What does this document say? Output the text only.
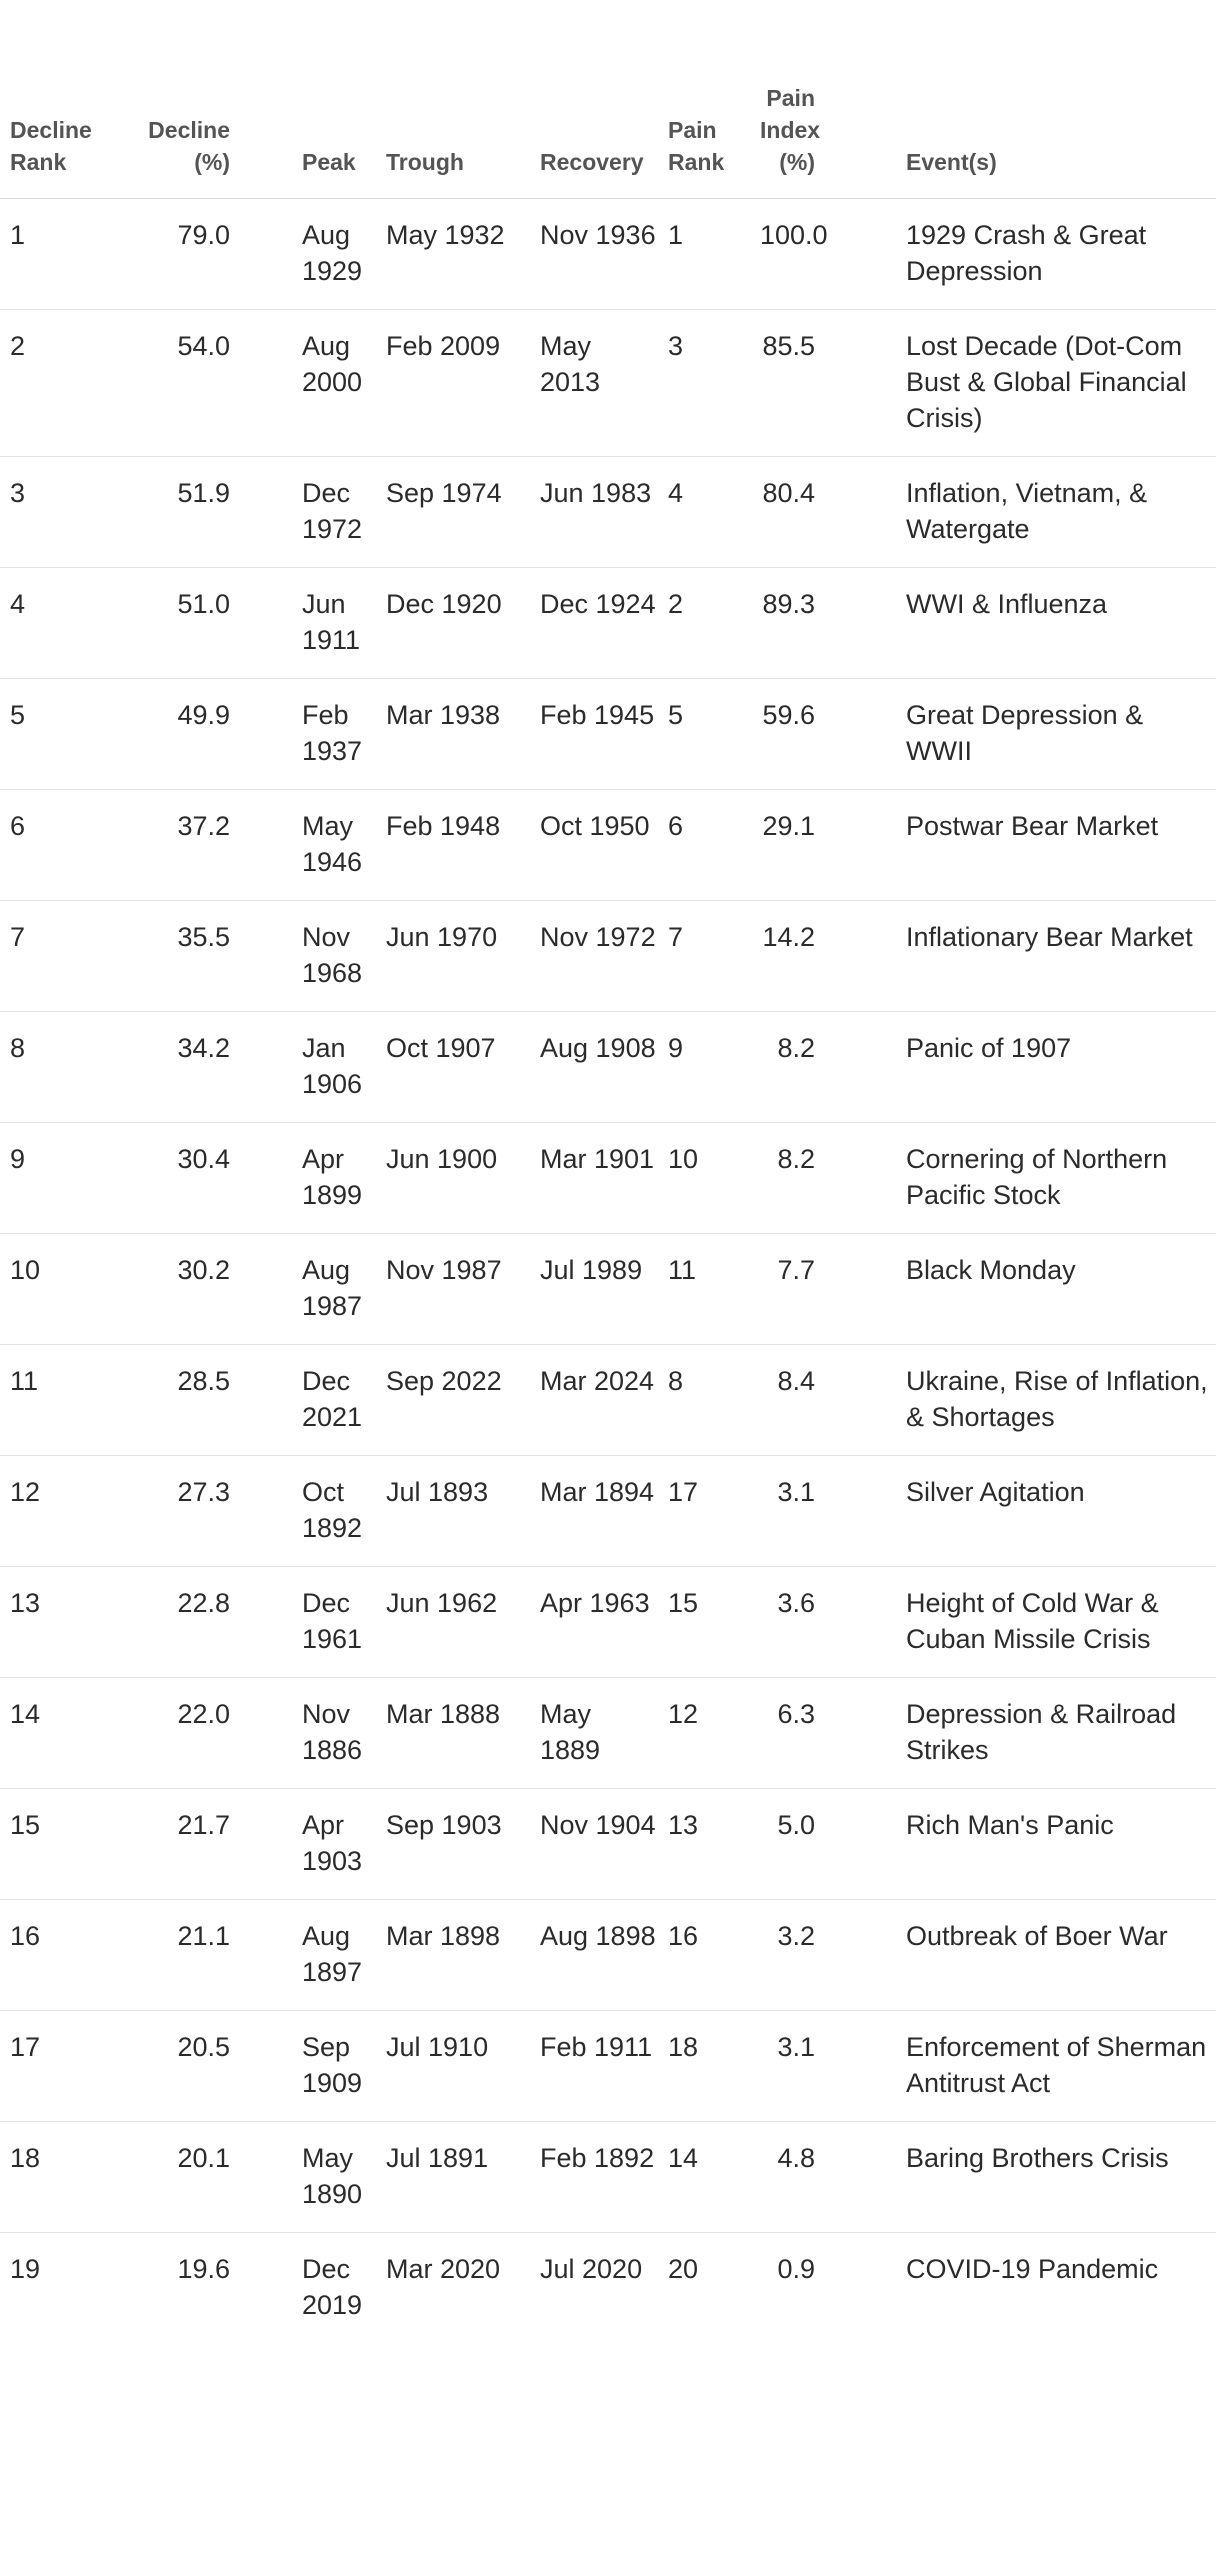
Decline Rank	Decline (%)		Peak	Trough	Recovery	Pain Rank	Pain Index (%)		Event(s)
1	79.0		Aug 1929	May 1932	Nov 1936	1	100.0		1929 Crash & Great Depression
2	54.0		Aug 2000	Feb 2009	May 2013	3	85.5		Lost Decade (Dot-Com Bust & Global Financial Crisis)
3	51.9		Dec 1972	Sep 1974	Jun 1983	4	80.4		Inflation, Vietnam, & Watergate
4	51.0		Jun 1911	Dec 1920	Dec 1924	2	89.3		WWI & Influenza
5	49.9		Feb 1937	Mar 1938	Feb 1945	5	59.6		Great Depression & WWII
6	37.2		May 1946	Feb 1948	Oct 1950	6	29.1		Postwar Bear Market
7	35.5		Nov 1968	Jun 1970	Nov 1972	7	14.2		Inflationary Bear Market
8	34.2		Jan 1906	Oct 1907	Aug 1908	9	8.2		Panic of 1907
9	30.4		Apr 1899	Jun 1900	Mar 1901	10	8.2		Cornering of Northern Pacific Stock
10	30.2		Aug 1987	Nov 1987	Jul 1989	11	7.7		Black Monday
11	28.5		Dec 2021	Sep 2022	Mar 2024	8	8.4		Ukraine, Rise of Inflation, & Shortages
12	27.3		Oct 1892	Jul 1893	Mar 1894	17	3.1		Silver Agitation
13	22.8		Dec 1961	Jun 1962	Apr 1963	15	3.6		Height of Cold War & Cuban Missile Crisis
14	22.0		Nov 1886	Mar 1888	May 1889	12	6.3		Depression & Railroad Strikes
15	21.7		Apr 1903	Sep 1903	Nov 1904	13	5.0		Rich Man's Panic
16	21.1		Aug 1897	Mar 1898	Aug 1898	16	3.2		Outbreak of Boer War
17	20.5		Sep 1909	Jul 1910	Feb 1911	18	3.1		Enforcement of Sherman Antitrust Act
18	20.1		May 1890	Jul 1891	Feb 1892	14	4.8		Baring Brothers Crisis
19	19.6		Dec 2019	Mar 2020	Jul 2020	20	0.9		COVID-19 Pandemic
